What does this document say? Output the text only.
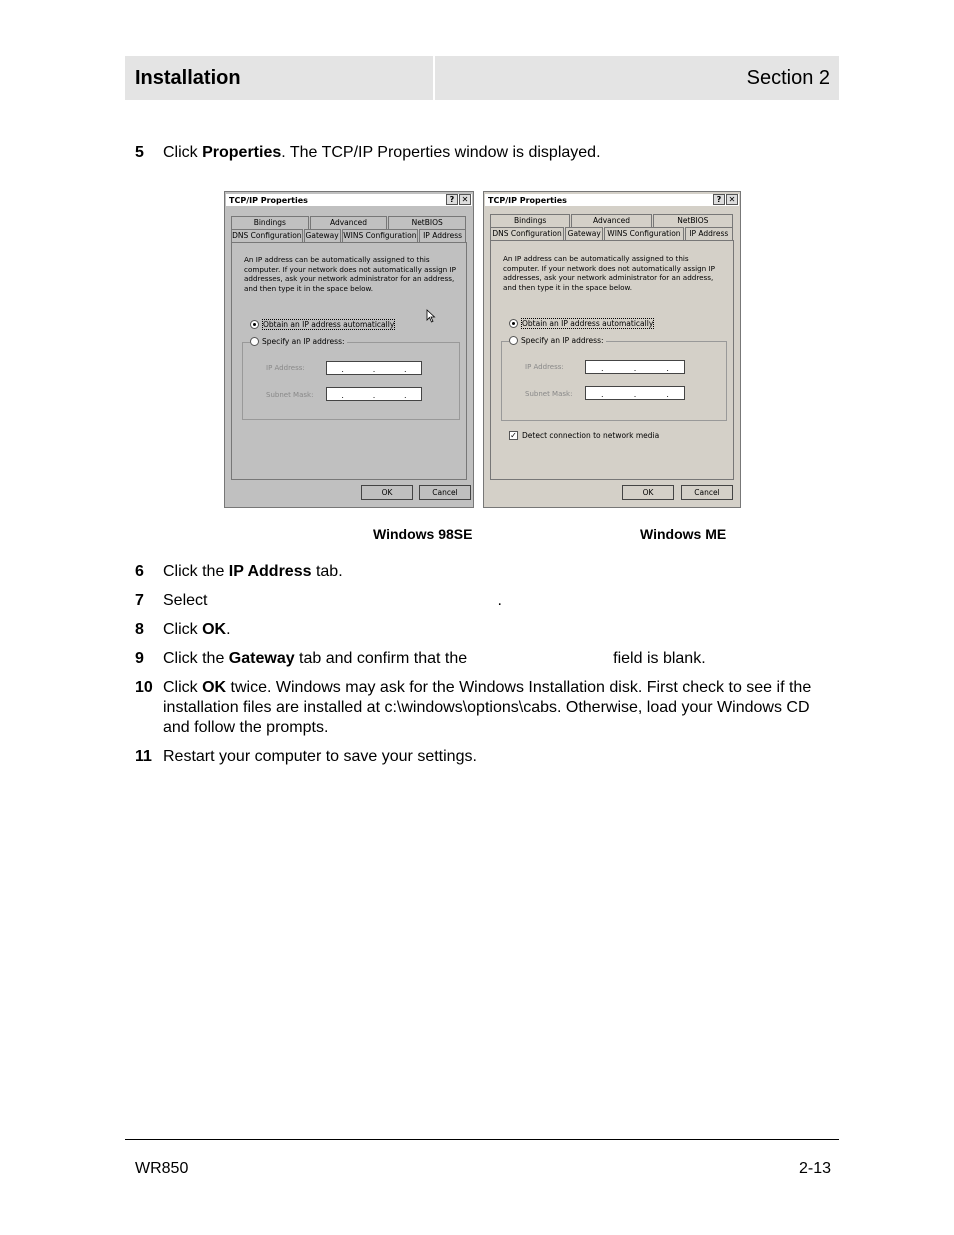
Installation	Section 2
5 Click Properties. The TCP/IP Properties window is displayed.
TCP/IP Properties	? ✕
Bindings	Advanced	NetBIOS
DNS Configuration Gateway WINS Configuration IP Address
An IP address can be automatically assigned to this computer. If your network does not automatically assign IP addresses, ask your network administrator for an address, and then type it in the space below.
Obtain an IP address automatically
Specify an IP address:
IP Address:	.	.	.
Subnet Mask:	.	.	.
OK	Cancel
TCP/IP Properties	? ✕
Bindings	Advanced	NetBIOS
DNS Configuration Gateway WINS Configuration	IP Address
An IP address can be automatically assigned to this computer. If your network does not automatically assign IP addresses, ask your network administrator for an address, and then type it in the space below.
Obtain an IP address automatically
Specify an IP address:
IP Address:	.	.	.
Subnet Mask:	.	.	.
✓ Detect connection to network media
OK	Cancel
Windows 98SE	Windows ME
6 Click the IP Address tab.
7 Select	.
8 Click OK.
9 Click the Gateway tab and confirm that the	field is blank.
10 Click OK twice. Windows may ask for the Windows Installation disk. First check to see if the installation files are installed at c:\windows\options\cabs. Otherwise, load your Windows CD and follow the prompts.
11 Restart your computer to save your settings.
WR850	2-13
